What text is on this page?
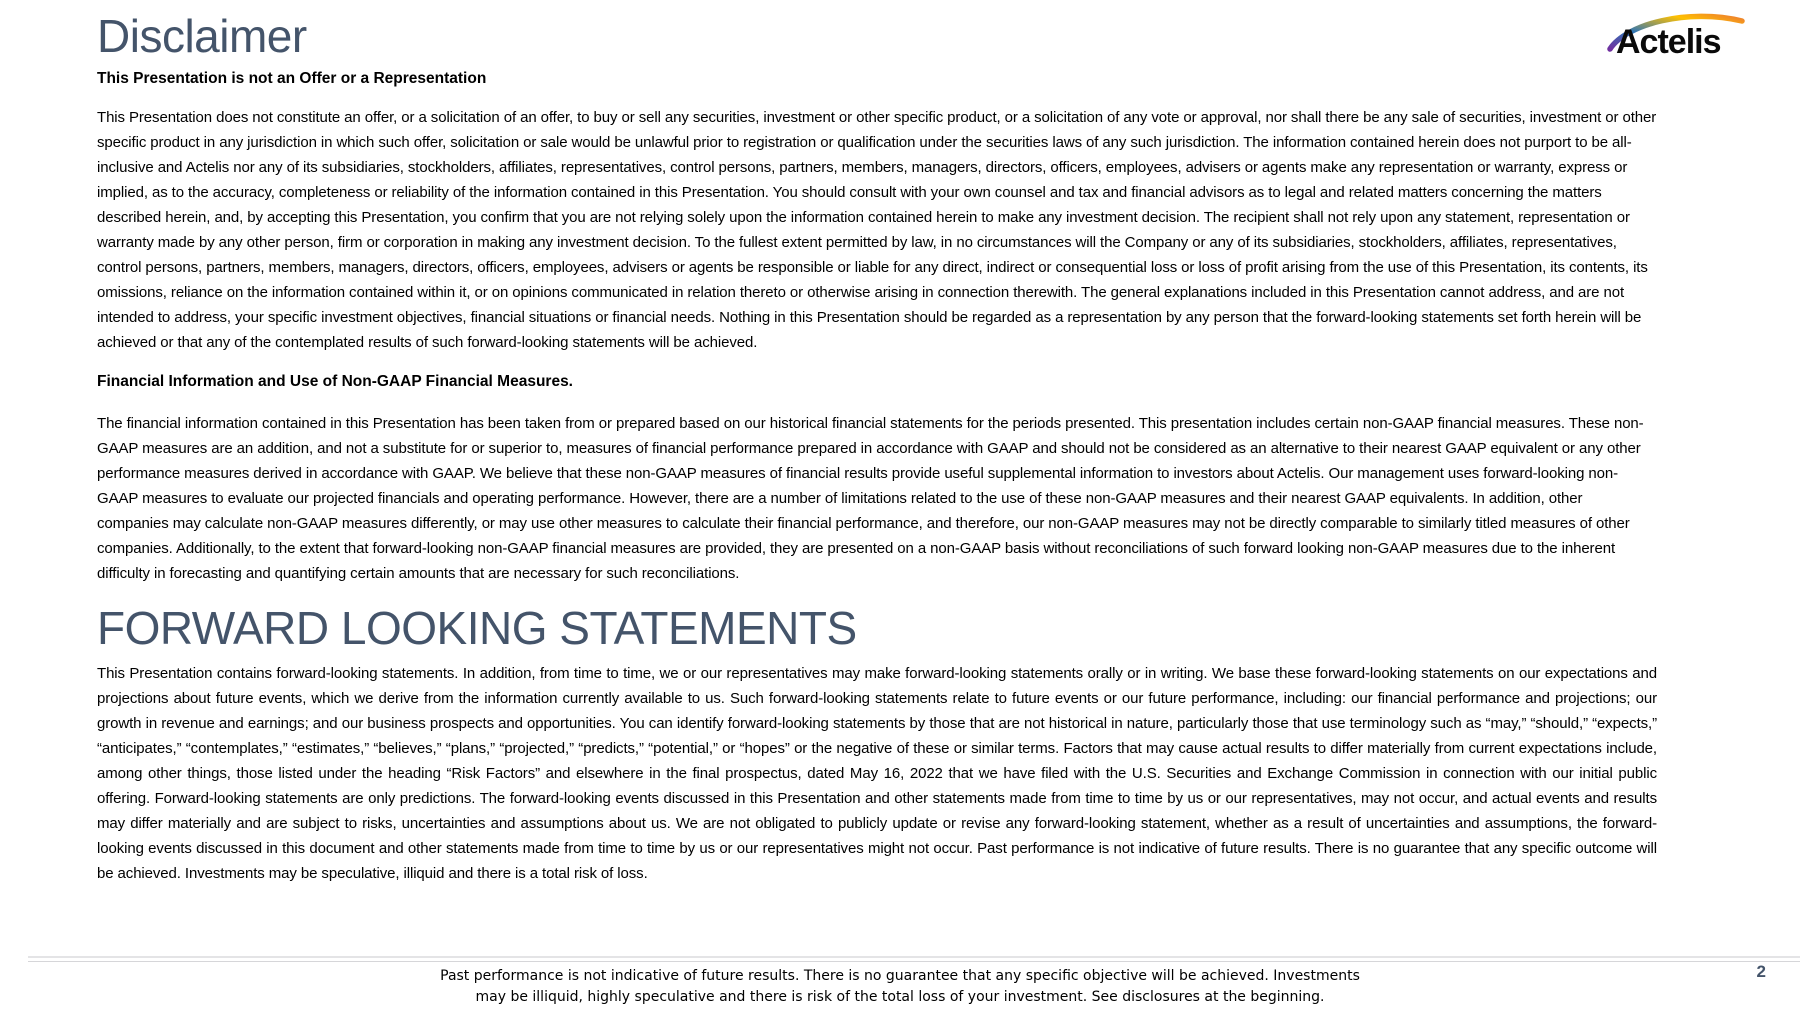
Disclaimer
This Presentation is not an Offer or a Representation

This Presentation does not constitute an offer, or a solicitation of an offer, to buy or sell any securities, investment or other specific product, or a solicitation of any vote or approval, nor shall there be any sale of securities, investment or other specific product in any jurisdiction in which such offer, solicitation or sale would be unlawful prior to registration or qualification under the securities laws of any such jurisdiction. The information contained herein does not purport to be all-inclusive and Actelis nor any of its subsidiaries, stockholders, affiliates, representatives, control persons, partners, members, managers, directors, officers, employees, advisers or agents make any representation or warranty, express or implied, as to the accuracy, completeness or reliability of the information contained in this Presentation. You should consult with your own counsel and tax and financial advisors as to legal and related matters concerning the matters described herein, and, by accepting this Presentation, you confirm that you are not relying solely upon the information contained herein to make any investment decision. The recipient shall not rely upon any statement, representation or warranty made by any other person, firm or corporation in making any investment decision. To the fullest extent permitted by law, in no circumstances will the Company or any of its subsidiaries, stockholders, affiliates, representatives, control persons, partners, members, managers, directors, officers, employees, advisers or agents be responsible or liable for any direct, indirect or consequential loss or loss of profit arising from the use of this Presentation, its contents, its omissions, reliance on the information contained within it, or on opinions communicated in relation thereto or otherwise arising in connection therewith. The general explanations included in this Presentation cannot address, and are not intended to address, your specific investment objectives, financial situations or financial needs. Nothing in this Presentation should be regarded as a representation by any person that the forward-looking statements set forth herein will be achieved or that any of the contemplated results of such forward-looking statements will be achieved.

Financial Information and Use of Non-GAAP Financial Measures.

The financial information contained in this Presentation has been taken from or prepared based on our historical financial statements for the periods presented. This presentation includes certain non-GAAP financial measures. These non-GAAP measures are an addition, and not a substitute for or superior to, measures of financial performance prepared in accordance with GAAP and should not be considered as an alternative to their nearest GAAP equivalent or any other performance measures derived in accordance with GAAP. We believe that these non-GAAP measures of financial results provide useful supplemental information to investors about Actelis. Our management uses forward-looking non-GAAP measures to evaluate our projected financials and operating performance. However, there are a number of limitations related to the use of these non-GAAP measures and their nearest GAAP equivalents. In addition, other companies may calculate non-GAAP measures differently, or may use other measures to calculate their financial performance, and therefore, our non-GAAP measures may not be directly comparable to similarly titled measures of other companies. Additionally, to the extent that forward-looking non-GAAP financial measures are provided, they are presented on a non-GAAP basis without reconciliations of such forward looking non-GAAP measures due to the inherent difficulty in forecasting and quantifying certain amounts that are necessary for such reconciliations.

FORWARD LOOKING STATEMENTS

This Presentation contains forward-looking statements. In addition, from time to time, we or our representatives may make forward-looking statements orally or in writing. We base these forward-looking statements on our expectations and projections about future events, which we derive from the information currently available to us. Such forward-looking statements relate to future events or our future performance, including: our financial performance and projections; our growth in revenue and earnings; and our business prospects and opportunities. You can identify forward-looking statements by those that are not historical in nature, particularly those that use terminology such as “may,” “should,” “expects,” “anticipates,” “contemplates,” “estimates,” “believes,” “plans,” “projected,” “predicts,” “potential,” or “hopes” or the negative of these or similar terms. Factors that may cause actual results to differ materially from current expectations include, among other things, those listed under the heading “Risk Factors” and elsewhere in the final prospectus, dated May 16, 2022 that we have filed with the U.S. Securities and Exchange Commission in connection with our initial public offering. Forward-looking statements are only predictions. The forward-looking events discussed in this Presentation and other statements made from time to time by us or our representatives, may not occur, and actual events and results may differ materially and are subject to risks, uncertainties and assumptions about us. We are not obligated to publicly update or revise any forward-looking statement, whether as a result of uncertainties and assumptions, the forward-looking events discussed in this document and other statements made from time to time by us or our representatives might not occur. Past performance is not indicative of future results. There is no guarantee that any specific outcome will be achieved. Investments may be speculative, illiquid and there is a total risk of loss.

Actelis
Past performance is not indicative of future results. There is no guarantee that any specific objective will be achieved. Investments
may be illiquid, highly speculative and there is risk of the total loss of your investment. See disclosures at the beginning.
2
